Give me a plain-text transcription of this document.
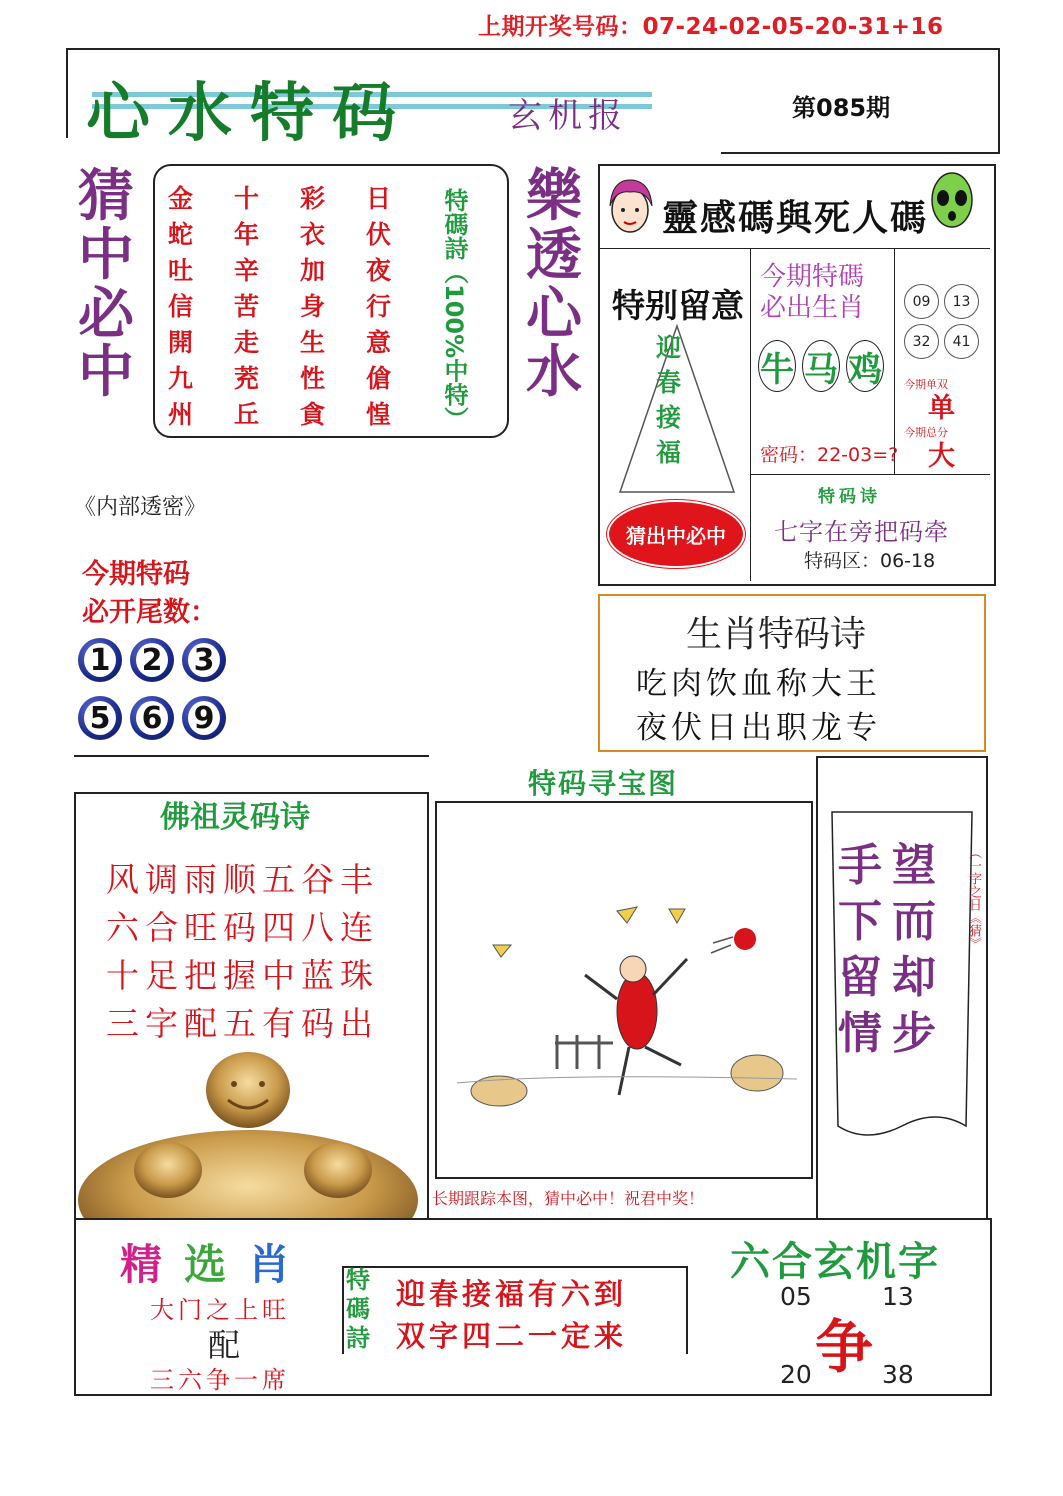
上期开奖号码：07-24-02-05-20-31+16
心水特码	玄机报	第085期
猜
中
必
中
樂
透
心
水
金	十	彩	日
蛇	年	衣	伏
吐	辛	加	夜
信	苦	身	行
開	走	生	意
九	茺	性	傖
州	丘	貪	惶	特碼詩（100%中特）	靈感碼與死人碼
特别留意
迎
春
接
福
猜出中必中
今期特碼
必出生肖
牛 马 鸡
密码：22-03=?
09	13
32	41
今期单双
单
今期总分
大
特码诗
七字在旁把码牵
特码区：06-18
《内部透密》
今期特码
必开尾数：
1 2 3
5 6 9
生肖特码诗
吃肉饮血称大王
夜伏日出职龙专
佛祖灵码诗
风调雨顺五谷丰
六合旺码四八连
十足把握中蓝珠
三字配五有码出
特码寻宝图
长期跟踪本图，猜中必中！祝君中奖！
手 望
下 而
留 却
情 步
（一字之日《猜》
精选肖
大门之上旺
配
三六争一席
特
碼
詩
迎春接福有六到
双字四二一定来
六合玄机字
05	13
20	38
争
